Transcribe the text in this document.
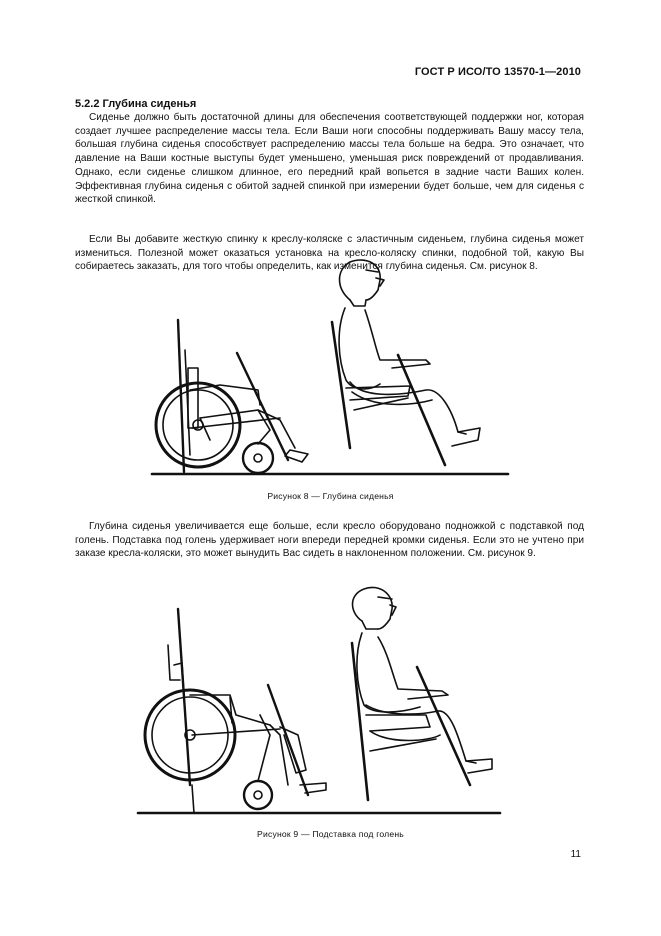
ГОСТ Р ИСО/ТО 13570-1—2010
5.2.2 Глубина сиденья

Сиденье должно быть достаточной длины для обеспечения соответствующей поддержки ног, которая создает лучшее распределение массы тела. Если Ваши ноги способны поддерживать Вашу массу тела, большая глубина сиденья способствует распределению массы тела больше на бедра. Это означает, что давление на Ваши костные выступы будет уменьшено, уменьшая риск повреждений от продавливания. Однако, если сиденье слишком длинное, его передний край вопьется в задние части Ваших колен. Эффективная глубина сиденья с обитой задней спинкой при измерении будет больше, чем для сиденья с жесткой спинкой.

Если Вы добавите жесткую спинку к креслу-коляске с эластичным сиденьем, глубина сиденья может измениться. Полезной может оказаться установка на кресло-коляску спинки, подобной той, какую Вы собираетесь заказать, для того чтобы определить, как изменится глубина сиденья. См. рисунок 8.

Рисунок 8 — Глубина сиденья

Глубина сиденья увеличивается еще больше, если кресло оборудовано подножкой с подставкой под голень. Подставка под голень удерживает ноги впереди передней кромки сиденья. Если это не учтено при заказе кресла-коляски, это может вынудить Вас сидеть в наклоненном положении. См. рисунок 9.

Рисунок 9 — Подставка под голень
11
